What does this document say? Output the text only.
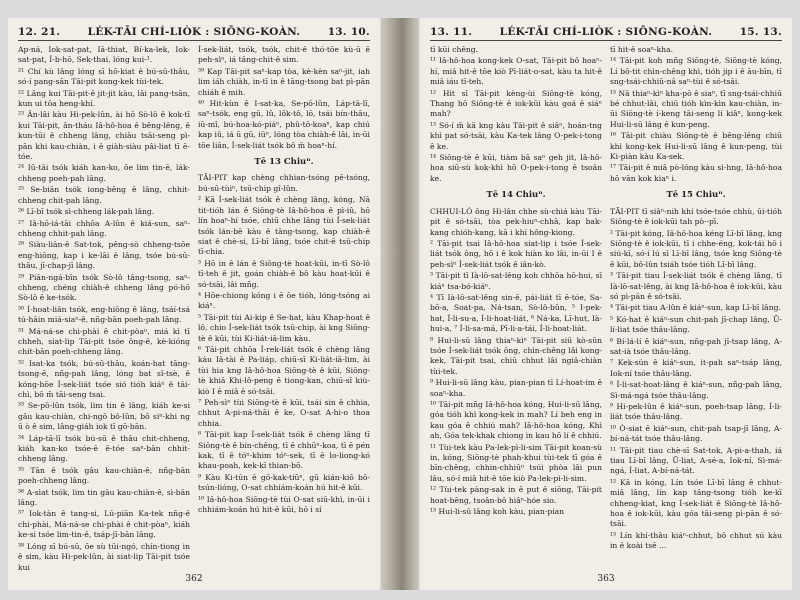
12. 21.	LÉK-TĀI CHÍ-LIÒK : SIŌNG-KOÀN.	13. 10.

Ap-ná, Iok-sat-pat, Iā-thiat, Bí-ka-lek, Iok-sat-pat, Í-b-hō, Sek-thai, lóng kui-¹.

²¹ Chí kù lâng lóng sī hō-kiat ê bú-sū-thâu, só-í pang-sān Tāi-pit kong-kek tùi-tek.

²² Lâng kui Tāi-pit-ê jit-jit kàu, lāi pang-tsān, kun ui tōa heng-khí.

²³ Ân-lâi kàu Hi-pek-lûn, ài hō Sò-lô ê kok-tī kui Tāi-pit, ân-tháu Iâ-hô-hoa ê bêng-lêng, ê kun-tūi ê chheng lâng, chiâu tsāi-seng pì-pān khi kau-chiàn, i ê giàh-siàu pâi-liat tī ē-tóe.

²⁴ Iû-tāi tsók kiáh kan-ko, ōe lim tin-ē, lák-chheng poeh-pah lâng.

²⁵ Se-biān tsók iong-bêng ê lâng, chhit-chheng chit-pah lâng.

²⁶ Lī-bī tsók sì-chheng lák-pah lâng.

²⁷ Iâ-hō-iá-tāi chhōa A-lûn ê kiá-sun, saⁿ-chheng chhit-pah lâng.

²⁸ Siàu-liân-ê Sat-tok, pêng-sò chheng-tsōe eng-hiōng, kap i ke-lāi ê lâng, tsóe bú-sū-thâu, jī-chap-jī lâng.

²⁹ Piān-ngá-bîn tsók Sò-lô tâng-tsong, saⁿ-chheng, chéng chiàh-ê chheng lâng pó-hō Sò-lô ê ke-tsók.

³⁰ Í-hoat-liân tsók, eng-hiōng ê lâng, tsáí-tsá tú-hāin miá-siaⁿ-ê, nñg-bān poeh-pah lâng.

³¹ Má-ná-se chi-phài ê chit-pòaⁿ, miá kì tī chheh, siat-lip Tāi-pit tsóe ông-ê, kè-kióng chit-bān poeh-chheng lâng.

³² Isat-ka tsók, bú-sū-thâu, koán-hat tāng-tsong-ē, nñg-pah lâng, lóng bat sî-tsè, ê kóng-hōe Í-sek-liát tsóe sió tióh kiáⁿ ê tāi-chì, bô m̄ tāi-seng tsai.

³³ Se-pō-lûn tsók, lim tin ê lâng, kiáh ke-si gâu kau-chiàn, chi-ngō bô-lûn, bô siⁿ-khi ng ū ò ê sim, lâng-giáh iok tī gō-bān.

³⁴ Láp-tā-lī tsók bú-sū ê thâu chit-chheng, kiáh kan-ko tsóe-ē ē-tóe saⁿ-bān chhit-chheng lâng.

³⁵ Tān ê tsók gâu kau-chiàn-ê, nñg-bān poeh-chheng lâng.

³⁶ A-sìat tsók, lim tin gâu kau-chiàn-ê, sì-bān lâng.

³⁷ Iok-tàn ê tang-si, Lū-piān Ka-tek nñg-ê chi-phài, Má-ná-se chi-phài ê chit-pòaⁿ, kiáh ke-si tsóe lim-tin-ê, tsáp-jī-bān lâng.

³⁸ Lóng sī bú-sū, ōe sù tūi-ngó, chín-tiong in ê sim, kàu Hi-pek-lûn, ài siat-lip Tāi-pit tsóe kui

Í-sek-liát, tsók, tsók, chit-ê thó-tōe kù-ū ê peh-sìⁿ, iá tâng-chit-ê sim.

³⁹ Kap Tāi-pit saⁿ-kap tòa, kè-kèn saⁿ-jit, iah lim iáh chiàh, in-tī in ê tāng-tsong bat pì-pān chiáh ê mih.

⁴⁰ Hit-kùn ê I-sat-ka, Se-pō-lûn, Láp-tā-lī, saⁿ-tsók, eng gū, lû, lôk-tô, lō, tsái bín-thâu, iū-mî, bú-hoa-kó-piáⁿ, phû-tô-koaⁿ, kap chiú kap iû, iá ū gū, iūⁿ, lóng tòa chiàh-ê lâi, in-ūi tōe liân, Í-sek-liát tsók bô m̄ hoaⁿ-hí.

Tē 13 Chiuⁿ.

TĀI-PIT kap chèng chhian-tsóng pē-tsóng, bú-sū-tùiⁿ, tsū-chip gî-lûn.

² Kā Í-sek-liát tsók ê chèng lâng, kóng, Nā tit-tióh lán ê Siōng-tè Iâ-hô-hoa ê pì-iû, hō lín hoaⁿ-hí tsóe, chiū chhe lâng tùi Í-sek-liát tsók lán-bē kàu ê tāng-tsong, kap chiàh-ê siat ê chè-si, Lī-bī lâng, tsóe chit-ê tsū-chip tī-chia.

³ Hō in ê lán ê Siōng-tè hoat-kūi, in-tī Sò-lô tī-teh ê jit, goán chiàh-ê bô kàu hoat-kūi ê só-tsāi, lâi mñg.

⁴ Hōe-chiong kóng i ē ōe tióh, lóng-tsóng ai kiáⁿ.

⁵ Tāi-pit tùi Ai-kip ê Se-hat, kàu Khap-hoat ê lô, chio Í-sek-liát tsók tsū-chip, ài kng Siōng-tè ê kūi, tùi Ki-liát-iā-lim kàu.

⁶ Tāi-pit chhōa Í-rek-liát tsók ê chèng lâng kàu Iâ-tài ê Pa-liáp, chiū-sī Ki-liát-iā-lim, ài tùi hia kng Iâ-hô-hoa Siōng-tè ê kūi, Siōng-tè khiā Khi-lô-peng ê tiong-kan, chiū-sī kiù-kiò I ê miâ ê só-tsāi.

⁷ Peh-sìⁿ tùi Siōng-tè ê kūi, tsái sin ê chhia, chhut A-pi-ná-thāi ê ke, O-sat A-hi-o thoa chhia.

⁸ Tāi-pit kap Í-sek-liát tsók ê chèng lâng tī Siōng-tè ê bín-chêng, tī ē chhūⁿ-koa, tī ē pén kak, tī ē tóⁿ-khim tóⁿ-sek, tī ē lo-liong-kó khau-poah, kek-kī thian-bō.

⁹ Kàu Ki-tūn ê gō-kak-tiūⁿ, gū kián-kiō bô-tsún-lióng, O-sat chhiám-koán hú hit-ê kūi.

¹⁰ Iâ-hô-hoa Siōng-tè tùi O-sat siū-khì, in-ūi i chhiám-koán hú hit-ê kūi, hō i sí

362
13. 11.	LÉK-TĀI CHÍ-LIÒK : SIŌNG-KOÀN.	15. 13.

tī kūi chêng.

¹¹ Iâ-hô-hoa kong-kek O-sat, Tāi-pit bô hoaⁿ-hí, miâ hit-ê tōe kiò Pī-liát-o-sat, kàu ta hit-ê miâ iáu tī-teh.

¹² Hit sī Tāi-pit kèng-ùi Siōng-tè kóng, Thang hō Siōng-tè ê iok-kūi kàu goá ê siáⁿ mah?

¹³ Só-í m̄ kā kng kàu Tāi-pit ê siâⁿ, hoán-tng khì pat só-tsāi, kàu Ka-tek lâng O-pek-i-tong ê ke.

¹⁴ Siōng-tè ê kūi, tiàm bā saⁿ geh jit, Iâ-hô-hoa siū-sù kok-khì hō O-pek-i-tong ê tsoân ke.

Tē 14 Chiuⁿ.

CHHUI-LÓ ông Hi-lân chhe sù-chiá kàu Tāi-pit ê só-tsāi, tòa pek-hiuⁿ-chhâ, kap bak-kang chióh-kang, kā i khí hông-kiong.

² Tāi-pit tsai Iâ-hô-hoa siat-lip i tsóe Í-sek-liát tsók ông, hō i ê kok hiàn ko lâi, in-ūi I ê peh-sìⁿ Í-sek-liát tsók ê iân-kò.

³ Tāi-pit tī Ià-lō-sat-lêng koh chhōa hō-hui, sī kiáⁿ tsa-bó-kiáⁿ.

⁴ Tī Ià-lō-sat-lêng sin-ē, pái-liát tī ē-tóe, Sa-bō-a, Soat-pa, Ná-tsan, Sò-lô-bûn, ⁵ I-pek-hat, Í-li-su-a, Í-li-hoat-liát, ⁶ Ná-ka, Lī-hut, Ià-hui-a, ⁷ Í-li-sa-má, Pī-li-a-tái, Í-li-hoat-liát.

⁸ Hui-li-sū lâng thiaⁿ-kìⁿ Tāi-pit siū kò-sūn tsóe Í-sek-liát tsók ông, chìn-chêng lâi kong-kek, Tāi-pit tsai, chiū chhut lâi ngiâ-chiàn tùi-tek.

⁹ Hui-li-sū lâng kàu, pian-pian tī Lí-hoat-im ê soaⁿ-kha.

¹⁰ Tāi-pit mñg Iâ-hô-hoa kóng, Hui-li-sū lâng, góa tióh khì kong-kek in mah? Lí beh eng in kau góa ê chhiú mah? Iâ-hô-hoa kóng, Khì ah, Góa tek-khak chiong in kau hō lí ê chhiú.

¹¹ Tùi-tek kàu Pa-lek-pì-li-sim Tāi-pit koan-sù in, kóng, Siōng-tè phah-khui tùi-tek tī góa ê bīn-chêng, chhin-chhiūⁿ tsúi phòa lâi pun lâu, só-í miâ hit-ê tōe kiò Pa-lek-pì-li-sim.

¹² Tùi-tek pàng-sak in ê put ê siōng, Tāi-pit hoat-bēng, tsoân-bô hiâⁿ-hóe sio.

¹³ Hui-li-sū lâng koh kàu, pian-pian

tī hit-ê soaⁿ-kha.

¹⁴ Tāi-pit koh mñg Siōng-tè, Siōng-tè kóng, Lí bô-tit chìn-chêng khì, tióh jip i ê āu-bīn, tī sng-tsái-chhiū-nâ saⁿ-tùi ê só-tsāi.

¹⁵ Nā thiaⁿ-kìⁿ kha-pō ê siaⁿ, tī sng-tsái-chhiū bé chhut-lâi, chiū tióh kìn-kìn kau-chiàn, in-ūi Siōng-tè í-keng tāi-seng lí kiâⁿ, kong-kek Hui-li-sū lâng ê kun-peng.

¹⁶ Tāi-pit chiàu Siōng-tè ê bêng-lēng chiū khì kong-kek Hui-li-sū lâng ê kun-peng, tùi Ki-piàn kàu Ka-sek.

¹⁷ Tāi-pit ê miâ pò-lóng kàu sì-hng, Iâ-hô-hoa hō vān kok kiaⁿ i.

Tē 15 Chiuⁿ.

TĀI-PIT tī siâⁿ-nih khí tsóe-tsóe chhù, ūi-tióh Siōng-tè ê iok-kūi tah pò·-pī.

² Tāi-pit kóng, Iâ-hô-hoa kéng Lī-bī lâng, kng Siōng-tè ê iok-kūi, tī i chhe-éng, kok-tái hō i siú-kī, só-í lú sī Lī-bī lâng, tsóe kng Siōng-tè ê kūi, bô-lûn tsiáh tsóe tióh Lī-bī lâng.

³ Tāi-pit tiau Í-sek-liát tsók ê chèng lâng, tī Ià-lō-sat-lêng, ài kng Iâ-hô-hoa ê iok-kūi, kàu só pì-pān ê só-tsāi.

⁴ Tāi-pit tiau A-lûn ê kiáⁿ-sun, kap Lī-bī lâng.

⁵ Kó-hat ê kiáⁿ-sun chit-pah jī-chap lâng, Ū-lí-liat tsóe thâu-lâng.

⁶ Bí-lá-lí ê kiáⁿ-sun, nñg-pah jī-tsap lâng, A-sat-ià tsóe thâu-lâng.

⁷ Kek-sún ê kiáⁿ-sun, it-pah saⁿ-tsáp lâng, Iok-ní tsóe thâu-lâng.

⁸ Í-li-sat-hoat-lâng ê kiáⁿ-sun, nñg-pah lâng, Sì-má-ngá tsóe thâu-lâng.

⁹ Hi-pek-lûn ê kiáⁿ-sun, poeh-tsap lâng, Í-li-liát tsóe thâu-lâng.

¹⁰ Ò-siat ê kiáⁿ-sun, chit-pah tsap-jī lâng, A-bí-ná-tát tsóe thâu-lâng.

¹¹ Tāi-pit tiau chè-sī Sat-tok, A-pi-a-thah, iá tiau Lī-bī lâng, Ū-liat, A-sé-a, Iok-ní, Sì-má-ngá, Í-liat, A-bí-ná-tát.

¹² Kā in kóng, Lín tsóe Lī-bī lâng ê chhut-miâ lâng, lín kap tâng-tsong tióh ke-kī chheng-kiat, kng Í-sek-liát ê Siōng-tè Iâ-hô-hoa ê iok-kūi, kàu góa tāi-seng pì-pān ê só-tsāi.

¹³ Lín khí-thâu kiáⁿ-chhut, bô chhut sú kàu in ê koài tsē ...

363
